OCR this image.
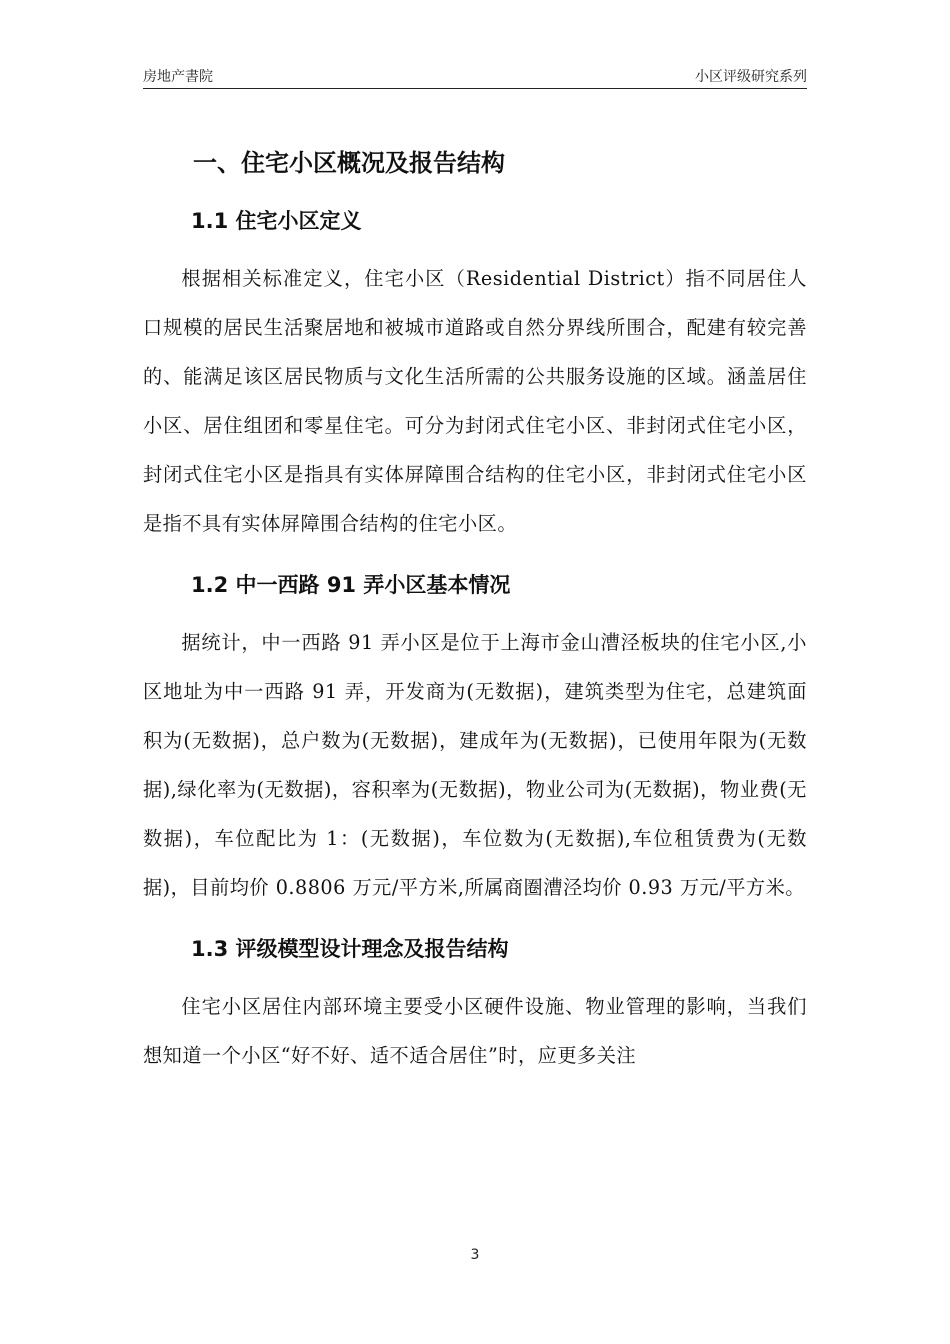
房地产書院	小区评级研究系列
一、住宅小区概况及报告结构
1.1 住宅小区定义

根据相关标准定义，住宅小区（Residential District）指不同居住人口规模的居民生活聚居地和被城市道路或自然分界线所围合，配建有较完善的、能满足该区居民物质与文化生活所需的公共服务设施的区域。涵盖居住小区、居住组团和零星住宅。可分为封闭式住宅小区、非封闭式住宅小区，封闭式住宅小区是指具有实体屏障围合结构的住宅小区，非封闭式住宅小区是指不具有实体屏障围合结构的住宅小区。

1.2 中一西路 91 弄小区基本情况

据统计，中一西路 91 弄小区是位于上海市金山漕泾板块的住宅小区,小区地址为中一西路 91 弄，开发商为(无数据)，建筑类型为住宅，总建筑面积为(无数据)，总户数为(无数据)，建成年为(无数据)，已使用年限为(无数据),绿化率为(无数据)，容积率为(无数据)，物业公司为(无数据)，物业费(无数据)，车位配比为 1：(无数据)，车位数为(无数据),车位租赁费为(无数据)，目前均价 0.8806 万元/平方米,所属商圈漕泾均价 0.93 万元/平方米。

1.3 评级模型设计理念及报告结构

住宅小区居住内部环境主要受小区硬件设施、物业管理的影响，当我们想知道一个小区“好不好、适不适合居住”时，应更多关注

3
